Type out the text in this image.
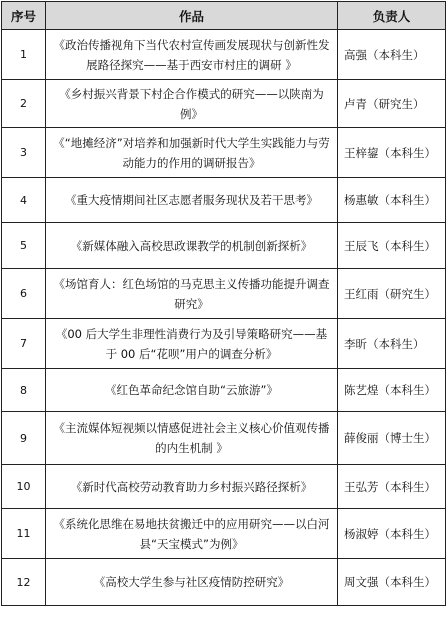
序号	作品	负责人
1	《政治传播视角下当代农村宣传画发展现状与创新性发展路径探究——基于西安市村庄的调研 》	高强（本科生）
2	《乡村振兴背景下村企合作模式的研究——以陕南为例》	卢青（研究生）
3	《“地摊经济”对培养和加强新时代大学生实践能力与劳动能力的作用的调研报告》	王梓鋆（本科生）
4	《重大疫情期间社区志愿者服务现状及若干思考》	杨惠敏（本科生）
5	《新媒体融入高校思政课教学的机制创新探析》	王辰飞（本科生）
6	《场馆育人：红色场馆的马克思主义传播功能提升调查研究》	王红雨（研究生）
7	《00 后大学生非理性消费行为及引导策略研究——基于 00 后“花呗”用户的调查分析》	李昕（本科生）
8	《红色革命纪念馆自助“云旅游”》	陈艺煌（本科生）
9	《主流媒体短视频以情感促进社会主义核心价值观传播的内生机制 》	薛俊丽（博士生）
10	《新时代高校劳动教育助力乡村振兴路径探析》	王弘芳（本科生）
11	《系统化思维在易地扶贫搬迁中的应用研究——以白河县“天宝模式”为例》	杨淑婷（本科生）
12	《高校大学生参与社区疫情防控研究》	周文强（本科生）
